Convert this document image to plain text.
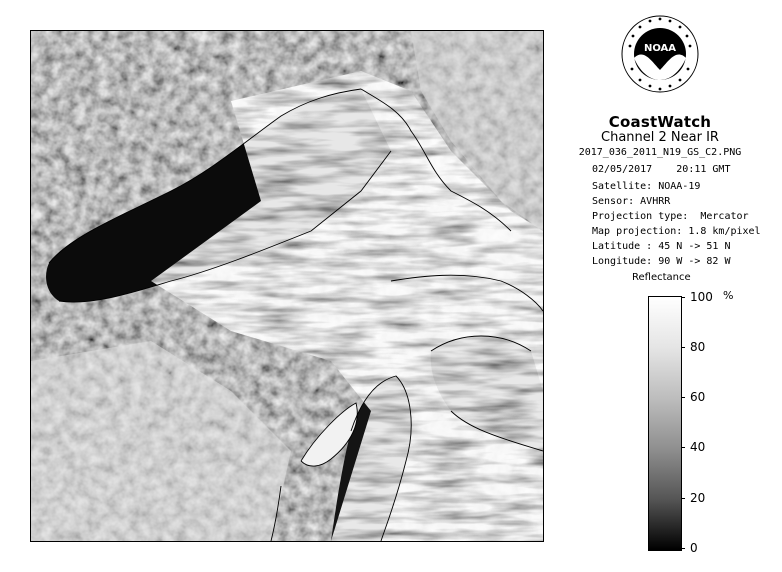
NOAA
CoastWatch
Channel 2 Near IR
2017_036_2011_N19_GS_C2.PNG
02/05/2017    20:11 GMT
Satellite: NOAA-19
Sensor: AVHRR
Projection type:  Mercator
Map projection: 1.8 km/pixel
Latitude : 45 N -> 51 N
Longitude: 90 W -> 82 W
Reflectance
%
100
80
60
40
20
0
